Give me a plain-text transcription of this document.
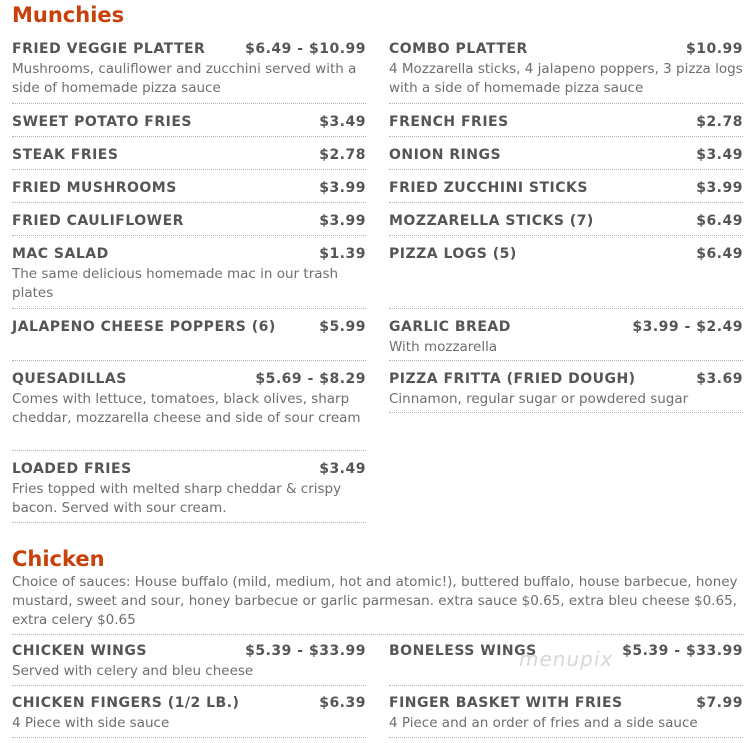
Munchies
FRIED VEGGIE PLATTER	$6.49 - $10.99
Mushrooms, cauliflower and zucchini served with a side of homemade pizza sauce
SWEET POTATO FRIES	$3.49
STEAK FRIES	$2.78
FRIED MUSHROOMS	$3.99
FRIED CAULIFLOWER	$3.99
MAC SALAD	$1.39
The same delicious homemade mac in our trash plates
JALAPENO CHEESE POPPERS (6)	$5.99
QUESADILLAS	$5.69 - $8.29
Comes with lettuce, tomatoes, black olives, sharp cheddar, mozzarella cheese and side of sour cream
LOADED FRIES	$3.49
Fries topped with melted sharp cheddar & crispy bacon. Served with sour cream.
COMBO PLATTER	$10.99
4 Mozzarella sticks, 4 jalapeno poppers, 3 pizza logs with a side of homemade pizza sauce
FRENCH FRIES	$2.78
ONION RINGS	$3.49
FRIED ZUCCHINI STICKS	$3.99
MOZZARELLA STICKS (7)	$6.49
PIZZA LOGS (5)	$6.49
GARLIC BREAD	$3.99 - $2.49
With mozzarella
PIZZA FRITTA (FRIED DOUGH)	$3.69
Cinnamon, regular sugar or powdered sugar
Chicken
Choice of sauces: House buffalo (mild, medium, hot and atomic!), buttered buffalo, house barbecue, honey mustard, sweet and sour, honey barbecue or garlic parmesan. extra sauce $0.65, extra bleu cheese $0.65, extra celery $0.65
CHICKEN WINGS	$5.39 - $33.99
Served with celery and bleu cheese
CHICKEN FINGERS (1/2 LB.)	$6.39
4 Piece with side sauce
BONELESS WINGS	$5.39 - $33.99
FINGER BASKET WITH FRIES	$7.99
4 Piece and an order of fries and a side sauce
menupix
